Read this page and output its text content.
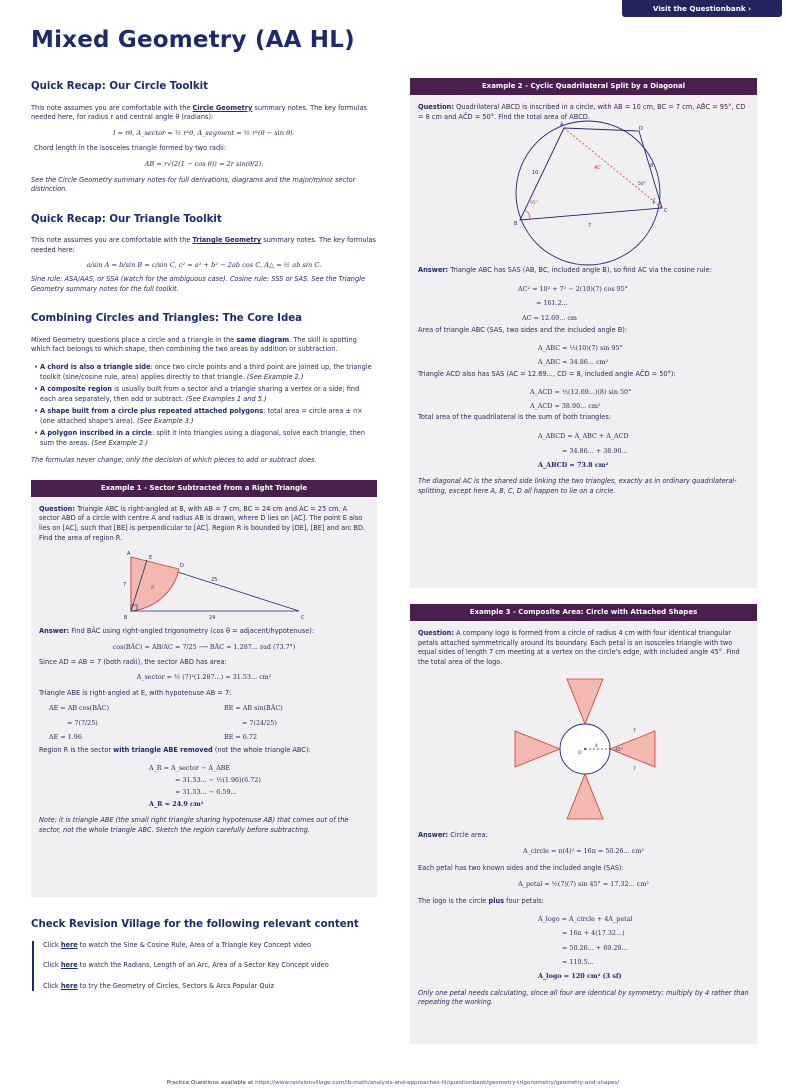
Visit the Questionbank ›
Mixed Geometry (AA HL)
Quick Recap: Our Circle Toolkit

This note assumes you are comfortable with the Circle Geometry summary notes. The key formulas needed here, for radius r and central angle θ (radians):

l = rθ, A_sector = ½ r²θ, A_segment = ½ r²(θ − sin θ).

Chord length in the isosceles triangle formed by two radii:

AB = r√(2(1 − cos θ)) = 2r sin(θ/2).

See the Circle Geometry summary notes for full derivations, diagrams and the major/minor sector distinction.

Quick Recap: Our Triangle Toolkit

This note assumes you are comfortable with the Triangle Geometry summary notes. The key formulas needed here:

a/sin A = b/sin B = c/sin C, c² = a² + b² − 2ab cos C, A△ = ½ ab sin C.

Sine rule: ASA/AAS, or SSA (watch for the ambiguous case). Cosine rule: SSS or SAS. See the Triangle Geometry summary notes for the full toolkit.

Combining Circles and Triangles: The Core Idea

Mixed Geometry questions place a circle and a triangle in the same diagram. The skill is spotting which fact belongs to which shape, then combining the two areas by addition or subtraction.

• A chord is also a triangle side: once two circle points and a third point are joined up, the triangle toolkit (sine/cosine rule, area) applies directly to that triangle. (See Example 2.)
• A composite region is usually built from a sector and a triangle sharing a vertex or a side; find each area separately, then add or subtract. (See Examples 1 and 5.)
• A shape built from a circle plus repeated attached polygons: total area = circle area ± n× (one attached shape's area). (See Example 3.)
• A polygon inscribed in a circle: split it into triangles using a diagonal, solve each triangle, then sum the areas. (See Example 2.)

The formulas never change; only the decision of which pieces to add or subtract does.

Example 1 - Sector Subtracted from a Right Triangle

Question: Triangle ABC is right-angled at B, with AB = 7 cm, BC = 24 cm and AC = 25 cm. A sector ABD of a circle with centre A and radius AB is drawn, where D lies on [AC]. The point E also lies on [AC], such that [BE] is perpendicular to [AC]. Region R is bounded by [DE], [BE] and arc BD. Find the area of region R.

A
B	C
D
E
R
7
25
24

Answer: Find BÂC using right-angled trigonometry (cos θ = adjacent/hypotenuse):

cos(BÂC) = AB/AC = 7/25 ⟶ BÂC = 1.287... rad (73.7°)

Since AD = AB = 7 (both radii), the sector ABD has area:

A_sector = ½ (7)²(1.287...) = 31.53... cm²

Triangle ABE is right-angled at E, with hypotenuse AB = 7:

AE = AB cos(BÂC)	BE = AB sin(BÂC)
= 7(7/25)	= 7(24/25)
AE = 1.96	BE = 6.72

Region R is the sector with triangle ABE removed (not the whole triangle ABC):

A_R = A_sector − A_ABE
= 31.53... − ½(1.96)(6.72)
= 31.53... − 6.59...
A_R ≈ 24.9 cm²

Note: it is triangle ABE (the small right triangle sharing hypotenuse AB) that comes out of the sector, not the whole triangle ABC. Sketch the region carefully before subtracting.

Check Revision Village for the following relevant content
Click here to watch the Sine & Cosine Rule, Area of a Triangle Key Concept video
Click here to watch the Radians, Length of an Arc, Area of a Sector Key Concept video
Click here to try the Geometry of Circles, Sectors & Arcs Popular Quiz
Example 2 - Cyclic Quadrilateral Split by a Diagonal

Question: Quadrilateral ABCD is inscribed in a circle, with AB = 10 cm, BC = 7 cm, AB̂C = 95°, CD = 8 cm and AĈD = 50°. Find the total area of ABCD.

A
B
C
D
10
7
8
AC
95°
50°

Answer: Triangle ABC has SAS (AB, BC, included angle B), so find AC via the cosine rule:

AC² = 10² + 7² − 2(10)(7) cos 95°
= 161.2...
AC = 12.69... cm

Area of triangle ABC (SAS, two sides and the included angle B):

A_ABC = ½(10)(7) sin 95°
A_ABC = 34.86... cm²

Triangle ACD also has SAS (AC = 12.69..., CD = 8, included angle AĈD = 50°):

A_ACD = ½(12.69...)(8) sin 50°
A_ACD = 38.90... cm²

Total area of the quadrilateral is the sum of both triangles:

A_ABCD = A_ABC + A_ACD
= 34.86... + 38.90...
A_ABCD ≈ 73.8 cm²

The diagonal AC is the shared side linking the two triangles, exactly as in ordinary quadrilateral-splitting, except here A, B, C, D all happen to lie on a circle.

Example 3 - Composite Area: Circle with Attached Shapes

Question: A company logo is formed from a circle of radius 4 cm with four identical triangular petals attached symmetrically around its boundary. Each petal is an isosceles triangle with two equal sides of length 7 cm meeting at a vertex on the circle's edge, with included angle 45°. Find the total area of the logo.

O
4
7
7
45°

Answer: Circle area:

A_circle = π(4)² = 16π = 50.26... cm²

Each petal has two known sides and the included angle (SAS):

A_petal = ½(7)(7) sin 45° = 17.32... cm²

The logo is the circle plus four petals:

A_logo = A_circle + 4A_petal
= 16π + 4(17.32...)
= 50.26... + 69.29...
= 119.5...
A_logo = 120 cm² (3 sf)

Only one petal needs calculating, since all four are identical by symmetry; multiply by 4 rather than repeating the working.

Practice Questions available at https://www.revisionvillage.com/ib-math/analysis-and-approaches-hl/questionbank/geometry-trigonometry/geometry-and-shapes/
